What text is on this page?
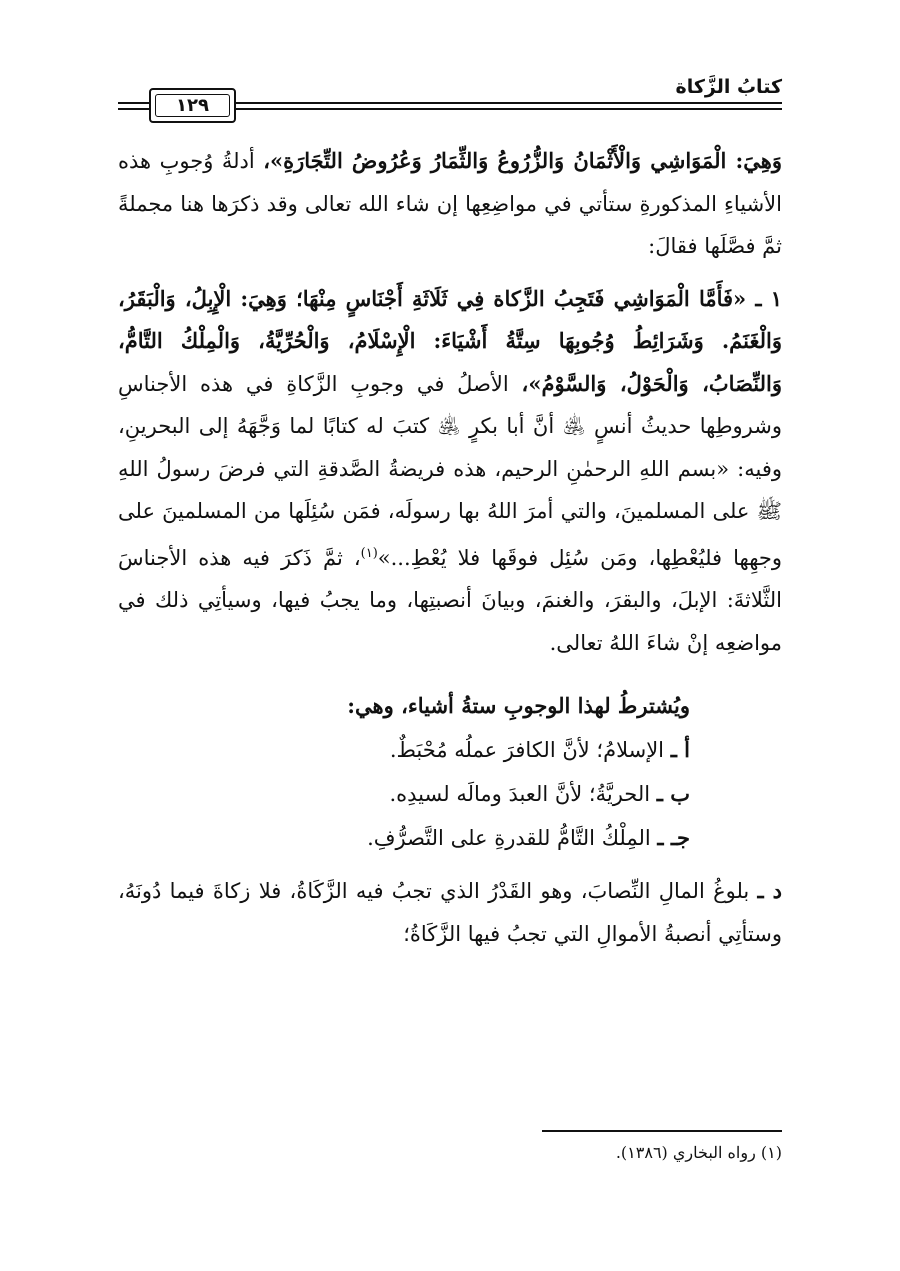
كتابُ الزَّكاة
١٢٩

وَهِيَ: الْمَوَاشِي وَالْأَثْمَانُ وَالزُّرُوعُ وَالثِّمَارُ وَعُرُوضُ التِّجَارَةِ»، أدلةُ وُجوبِ هذه الأشياءِ المذكورةِ ستأتي في مواضِعِها إن شاء الله تعالى وقد ذكرَها هنا مجملةً ثمَّ فصَّلَها فقالَ:

١ ـ «فَأَمَّا الْمَوَاشِي فَتَجِبُ الزَّكاة فِي ثَلَاثَةِ أَجْنَاسٍ مِنْهَا؛ وَهِيَ: الْإِبِلُ، وَالْبَقَرُ، وَالْغَنَمُ. وَشَرَائِطُ وُجُوبِهَا سِتَّةُ أَشْيَاءَ: الْإِسْلَامُ، وَالْحُرِّيَّةُ، وَالْمِلْكُ التَّامُّ، وَالنِّصَابُ، وَالْحَوْلُ، وَالسَّوْمُ»، الأصلُ في وجوبِ الزَّكاةِ في هذه الأجناسِ وشروطِها حديثُ أنسٍ ﵁ أنَّ أبا بكرٍ ﵁ كتبَ له كتابًا لما وَجَّهَهُ إلى البحرينِ، وفيه: «بسم اللهِ الرحمٰنِ الرحيم، هذه فريضةُ الصَّدقةِ التي فرضَ رسولُ اللهِ ﷺ على المسلمينَ، والتي أمرَ اللهُ بها رسولَه، فمَن سُئِلَها من المسلمينَ على وجهِها فليُعْطِها، ومَن سُئِل فوقَها فلا يُعْطِ...»$^{(١)}$، ثمَّ ذَكرَ فيه هذه الأجناسَ الثَّلاثةَ: الإبلَ، والبقرَ، والغنمَ، وبيانَ أنصبتِها، وما يجبُ فيها، وسيأتِي ذلك في مواضعِه إنْ شاءَ اللهُ تعالى.

ويُشترطُ لهذا الوجوبِ ستةُ أشياء، وهي:
أ ـ الإسلامُ؛ لأنَّ الكافرَ عملُه مُحْبَطٌ.
ب ـ الحريَّةُ؛ لأنَّ العبدَ ومالَه لسيدِه.
جـ ـ المِلْكُ التَّامُّ للقدرةِ على التَّصرُّفِ.

د ـ بلوغُ المالِ النِّصابَ، وهو القَدْرُ الذي تجبُ فيه الزَّكَاةُ، فلا زكاةَ فيما دُونَهُ، وستأتِي أنصبةُ الأموالِ التي تجبُ فيها الزَّكَاةُ؛

(١) رواه البخاري (١٣٨٦).
